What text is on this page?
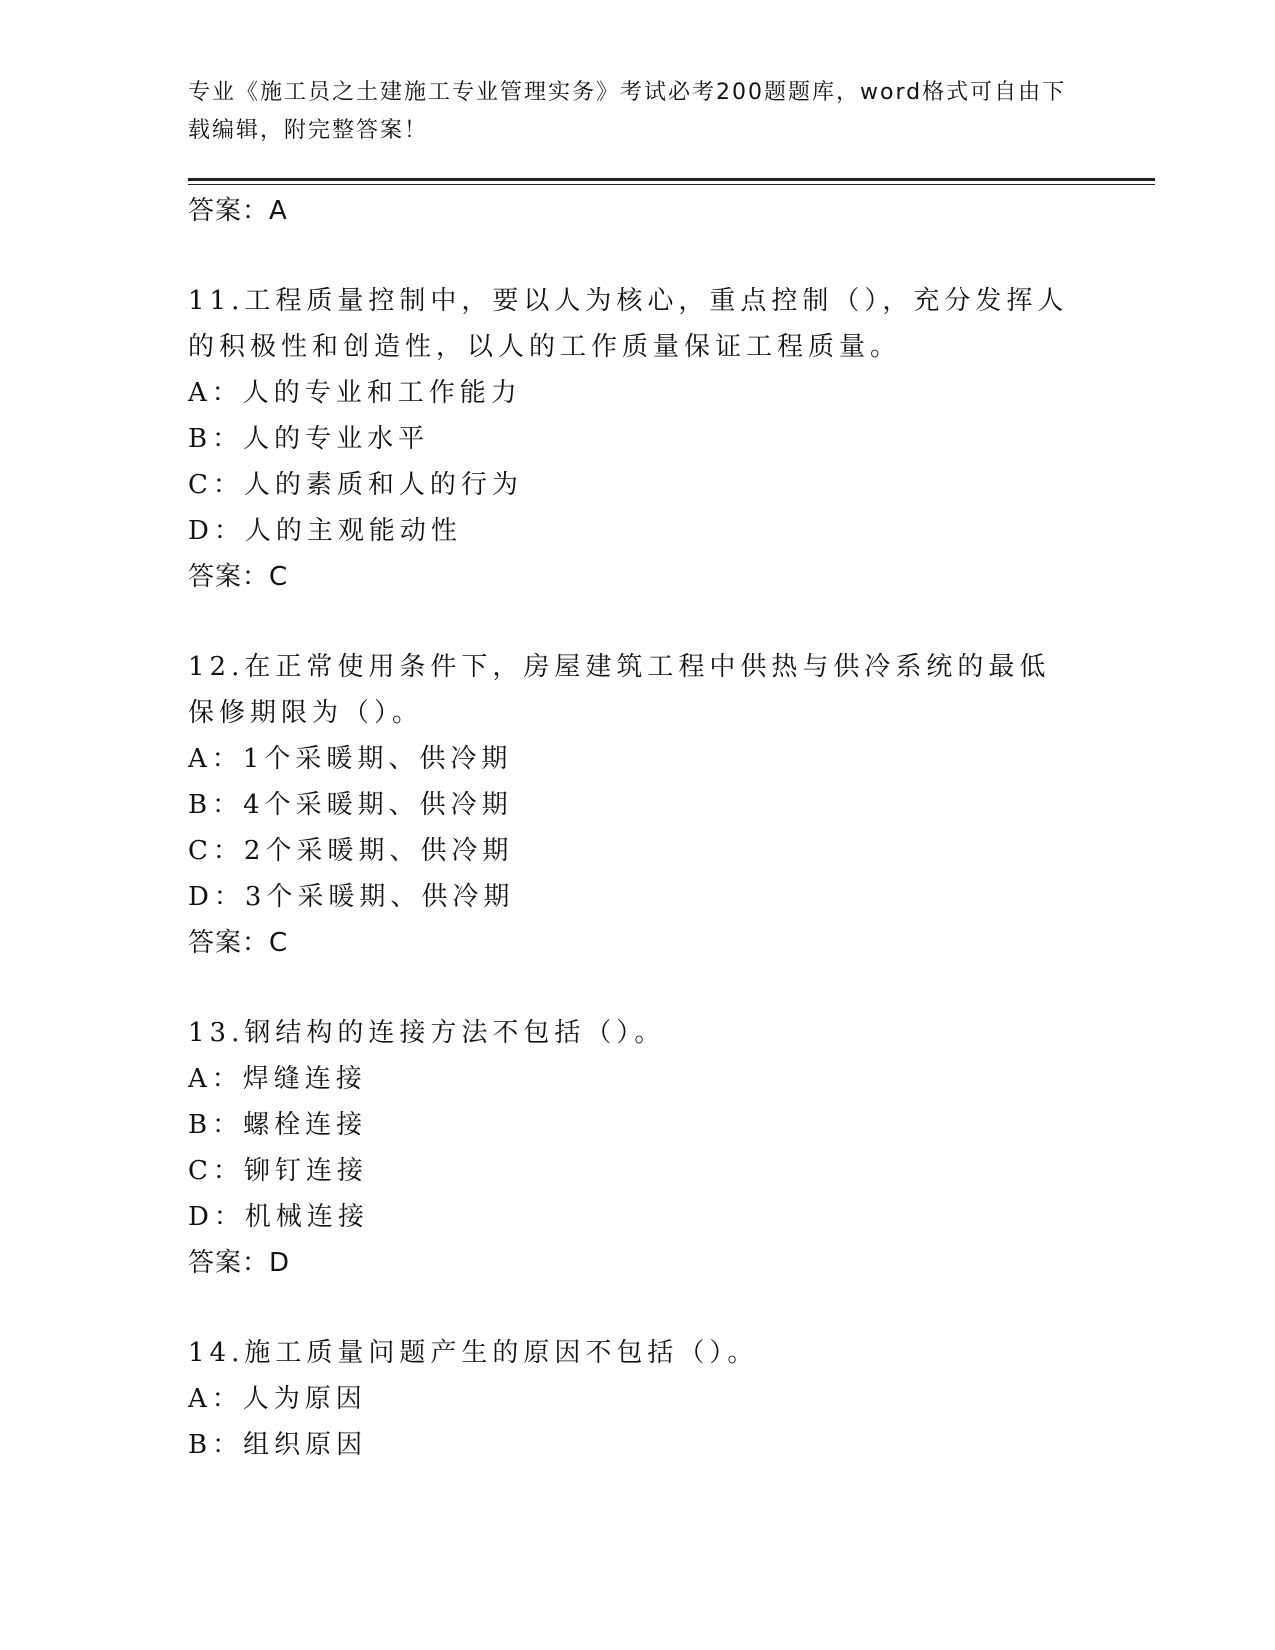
专业《施工员之土建施工专业管理实务》考试必考200题题库，word格式可自由下载编辑，附完整答案！
答案：A
11.工程质量控制中，要以人为核心，重点控制（），充分发挥人的积极性和创造性，以人的工作质量保证工程质量。
A：人的专业和工作能力
B：人的专业水平
C：人的素质和人的行为
D：人的主观能动性
答案：C
12.在正常使用条件下，房屋建筑工程中供热与供冷系统的最低保修期限为（）。
A：1个采暖期、供冷期
B：4个采暖期、供冷期
C：2个采暖期、供冷期
D：3个采暖期、供冷期
答案：C
13.钢结构的连接方法不包括（）。
A：焊缝连接
B：螺栓连接
C：铆钉连接
D：机械连接
答案：D
14.施工质量问题产生的原因不包括（）。
A：人为原因
B：组织原因
